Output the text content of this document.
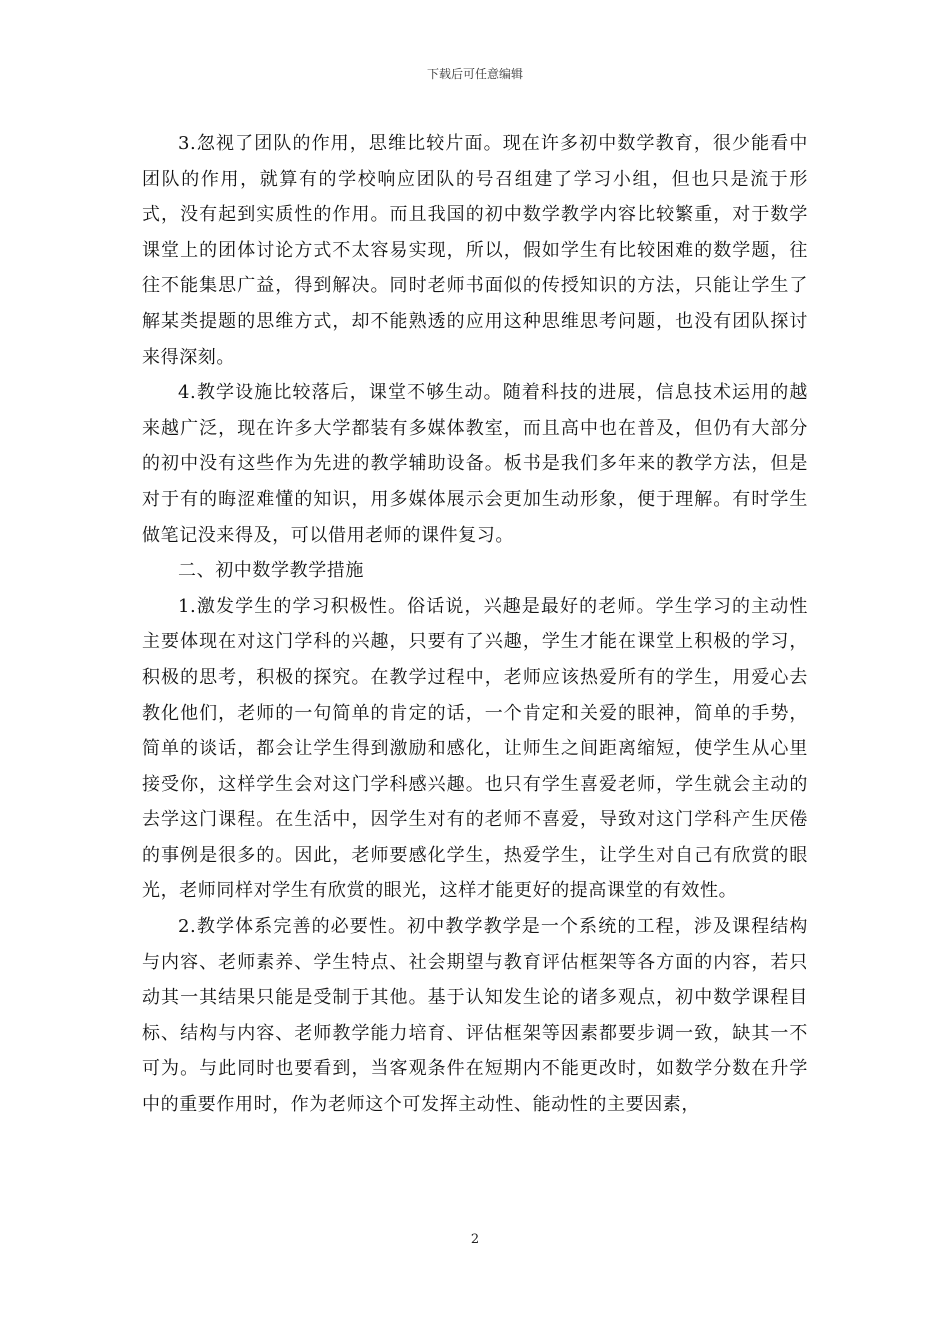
下载后可任意编辑

3.忽视了团队的作用，思维比较片面。现在许多初中数学教育，很少能看中团队的作用，就算有的学校响应团队的号召组建了学习小组，但也只是流于形式，没有起到实质性的作用。而且我国的初中数学教学内容比较繁重，对于数学课堂上的团体讨论方式不太容易实现，所以，假如学生有比较困难的数学题，往往不能集思广益，得到解决。同时老师书面似的传授知识的方法，只能让学生了解某类提题的思维方式，却不能熟透的应用这种思维思考问题，也没有团队探讨来得深刻。

4.教学设施比较落后，课堂不够生动。随着科技的进展，信息技术运用的越来越广泛，现在许多大学都装有多媒体教室，而且高中也在普及，但仍有大部分的初中没有这些作为先进的教学辅助设备。板书是我们多年来的教学方法，但是对于有的晦涩难懂的知识，用多媒体展示会更加生动形象，便于理解。有时学生做笔记没来得及，可以借用老师的课件复习。

二、初中数学教学措施

1.激发学生的学习积极性。俗话说，兴趣是最好的老师。学生学习的主动性主要体现在对这门学科的兴趣，只要有了兴趣，学生才能在课堂上积极的学习，积极的思考，积极的探究。在教学过程中，老师应该热爱所有的学生，用爱心去教化他们，老师的一句简单的肯定的话，一个肯定和关爱的眼神，简单的手势，简单的谈话，都会让学生得到激励和感化，让师生之间距离缩短，使学生从心里接受你，这样学生会对这门学科感兴趣。也只有学生喜爱老师，学生就会主动的去学这门课程。在生活中，因学生对有的老师不喜爱，导致对这门学科产生厌倦的事例是很多的。因此，老师要感化学生，热爱学生，让学生对自己有欣赏的眼光，老师同样对学生有欣赏的眼光，这样才能更好的提高课堂的有效性。

2.教学体系完善的必要性。初中教学教学是一个系统的工程，涉及课程结构与内容、老师素养、学生特点、社会期望与教育评估框架等各方面的内容，若只动其一其结果只能是受制于其他。基于认知发生论的诸多观点，初中数学课程目标、结构与内容、老师教学能力培育、评估框架等因素都要步调一致，缺其一不可为。与此同时也要看到，当客观条件在短期内不能更改时，如数学分数在升学中的重要作用时，作为老师这个可发挥主动性、能动性的主要因素，

2
